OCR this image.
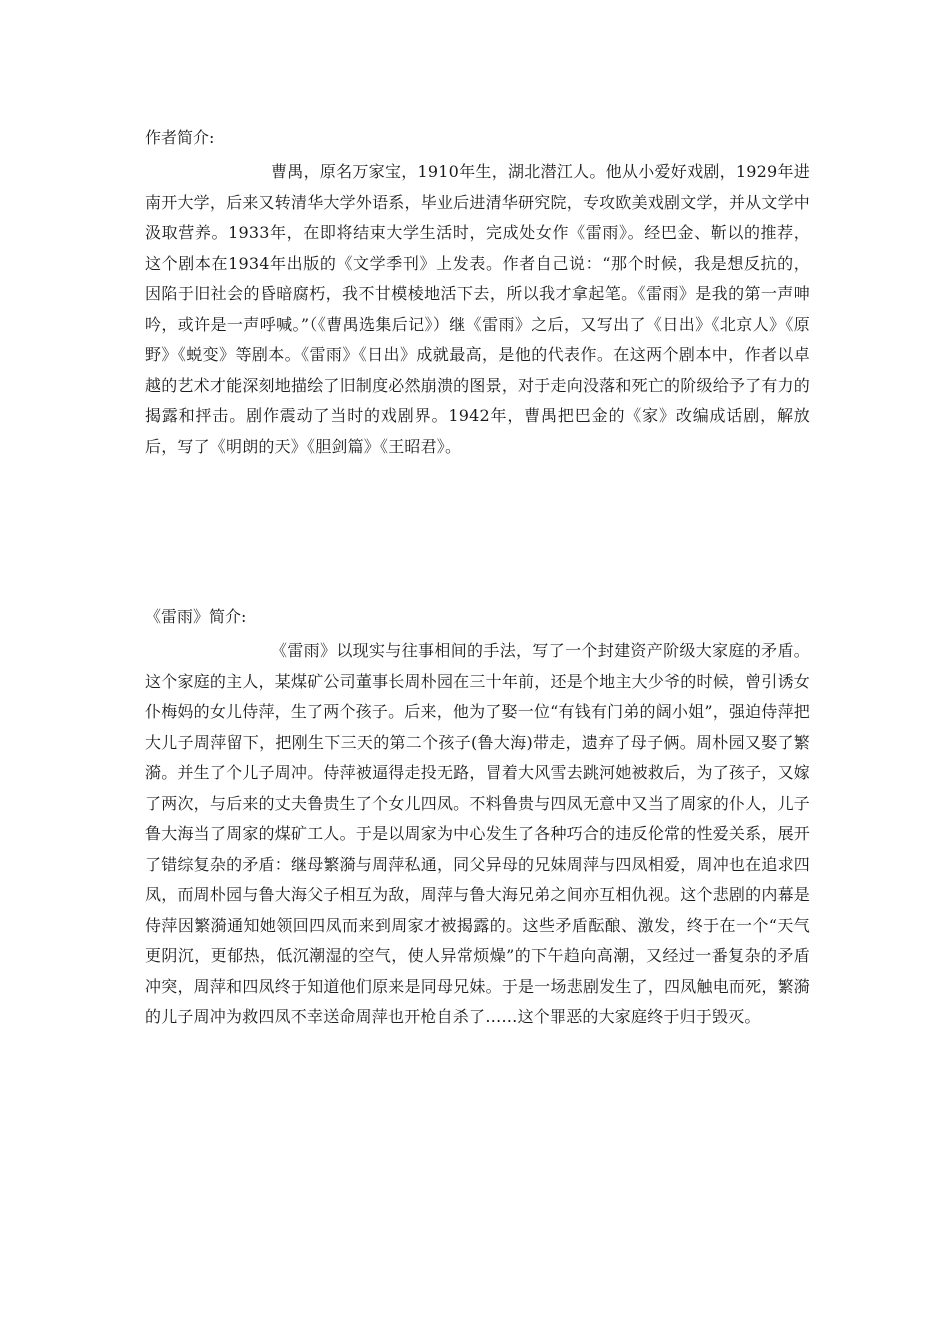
作者简介:

曹禺，原名万家宝，1910年生，湖北潜江人。他从小爱好戏剧，1929年进南开大学，后来又转清华大学外语系，毕业后进清华研究院，专攻欧美戏剧文学，并从文学中汲取营养。1933年，在即将结束大学生活时，完成处女作《雷雨》。经巴金、靳以的推荐，这个剧本在1934年出版的《文学季刊》上发表。作者自己说：“那个时候，我是想反抗的，因陷于旧社会的昏暗腐朽，我不甘模棱地活下去，所以我才拿起笔。《雷雨》是我的第一声呻吟，或许是一声呼喊。”（《曹禺选集后记》）继《雷雨》之后，又写出了《日出》《北京人》《原野》《蜕变》等剧本。《雷雨》《日出》成就最高，是他的代表作。在这两个剧本中，作者以卓越的艺术才能深刻地描绘了旧制度必然崩溃的图景，对于走向没落和死亡的阶级给予了有力的揭露和抨击。剧作震动了当时的戏剧界。1942年，曹禺把巴金的《家》改编成话剧，解放后，写了《明朗的天》《胆剑篇》《王昭君》。

《雷雨》简介:

《雷雨》以现实与往事相间的手法，写了一个封建资产阶级大家庭的矛盾。这个家庭的主人，某煤矿公司董事长周朴园在三十年前，还是个地主大少爷的时候，曾引诱女仆梅妈的女儿侍萍，生了两个孩子。后来，他为了娶一位“有钱有门弟的阔小姐”，强迫侍萍把大儿子周萍留下，把刚生下三天的第二个孩子(鲁大海)带走，遗弃了母子俩。周朴园又娶了繁漪。并生了个儿子周冲。侍萍被逼得走投无路，冒着大风雪去跳河她被救后，为了孩子，又嫁了两次，与后来的丈夫鲁贵生了个女儿四凤。不料鲁贵与四凤无意中又当了周家的仆人，儿子鲁大海当了周家的煤矿工人。于是以周家为中心发生了各种巧合的违反伦常的性爱关系，展开了错综复杂的矛盾：继母繁漪与周萍私通，同父异母的兄妹周萍与四凤相爱，周冲也在追求四凤，而周朴园与鲁大海父子相互为敌，周萍与鲁大海兄弟之间亦互相仇视。这个悲剧的内幕是侍萍因繁漪通知她领回四凤而来到周家才被揭露的。这些矛盾酝酿、激发，终于在一个“天气更阴沉，更郁热，低沉潮湿的空气，使人异常烦燥”的下午趋向高潮，又经过一番复杂的矛盾冲突，周萍和四凤终于知道他们原来是同母兄妹。于是一场悲剧发生了，四凤触电而死，繁漪的儿子周冲为救四凤不幸送命周萍也开枪自杀了……这个罪恶的大家庭终于归于毁灭。
